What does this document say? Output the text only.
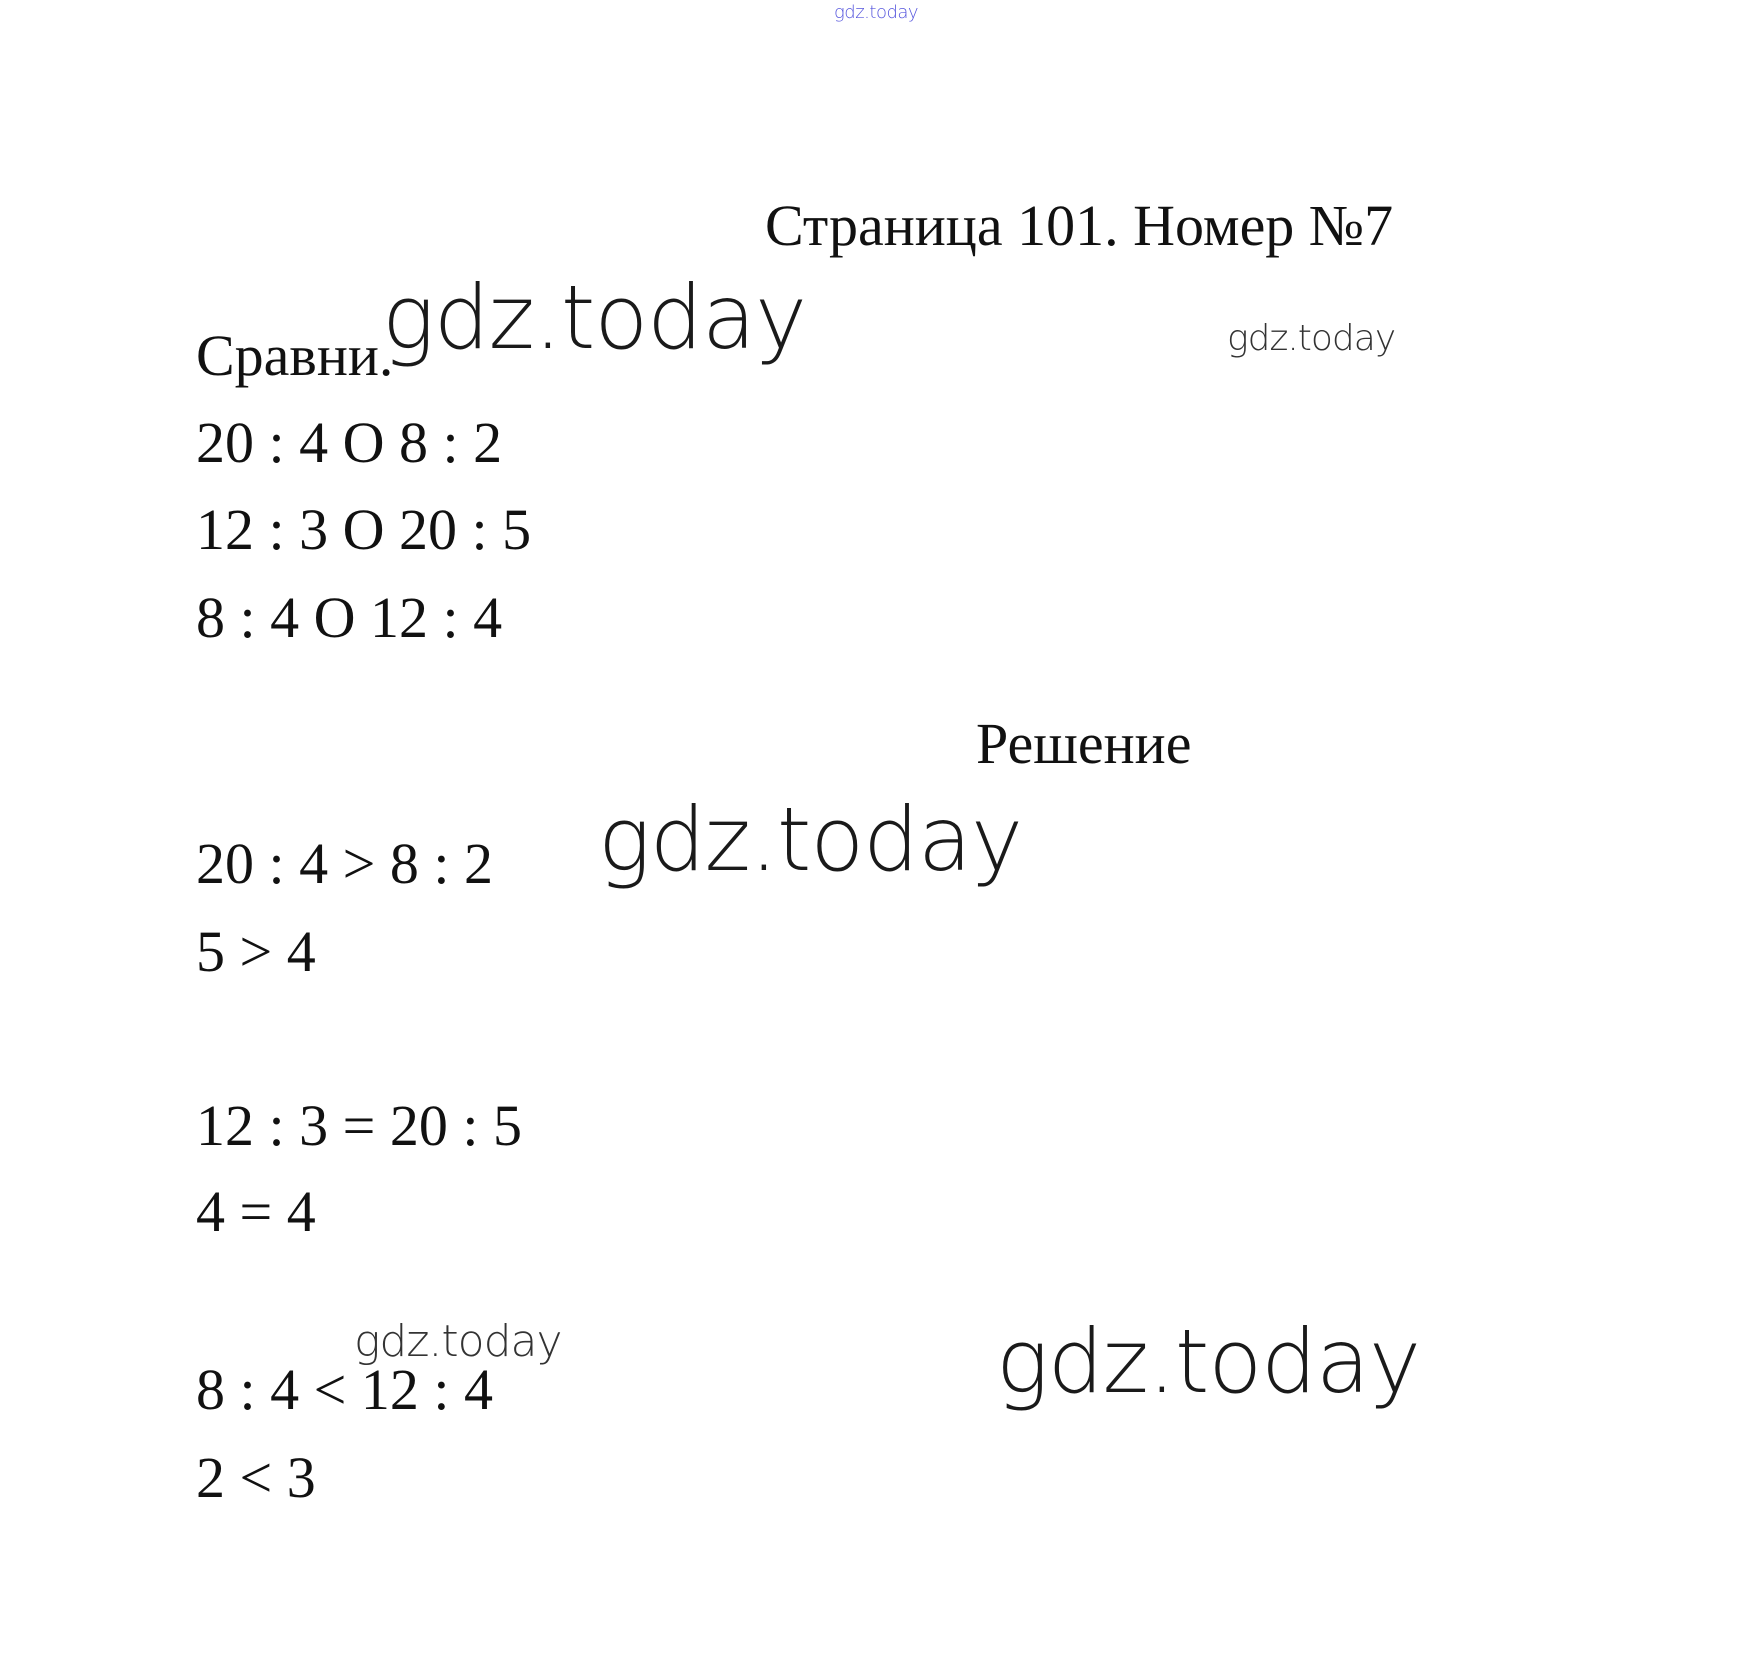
gdz.today
Страница 101. Номер №7
Сравни.
20 : 4 O 8 : 2
12 : 3 O 20 : 5
8 : 4 O 12 : 4
Решение
20 : 4 > 8 : 2
5 > 4
12 : 3 = 20 : 5
4 = 4
8 : 4 < 12 : 4
2 < 3
gdz.today	gdz.today
gdz.today
gdz.today	gdz.today
